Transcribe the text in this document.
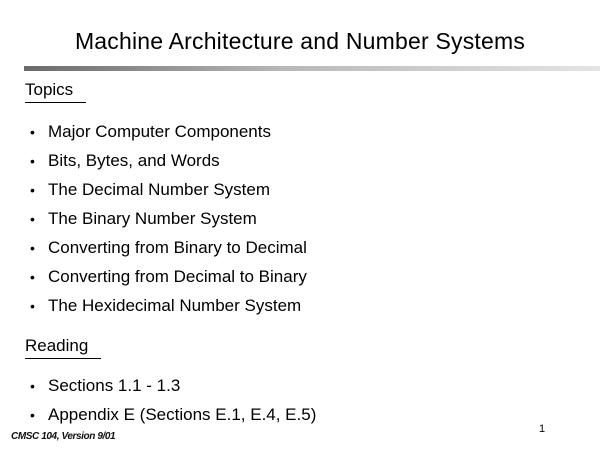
Machine Architecture and Number Systems
Topics
• Major Computer Components
• Bits, Bytes, and Words
• The Decimal Number System
• The Binary Number System
• Converting from Binary to Decimal
• Converting from Decimal to Binary
• The Hexidecimal Number System
Reading
• Sections 1.1 - 1.3
• Appendix E (Sections E.1, E.4, E.5)
CMSC 104, Version 9/01
1
